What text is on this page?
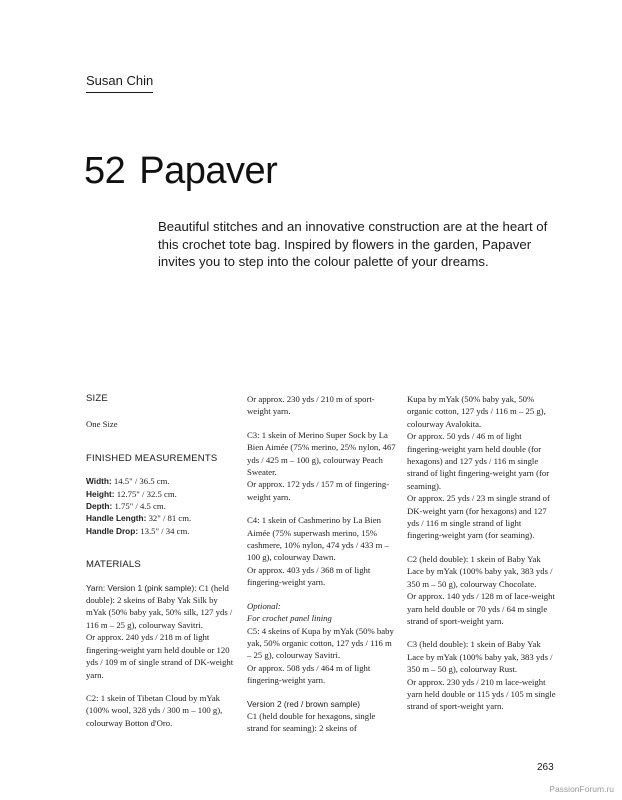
Susan Chin
52 Papaver
Beautiful stitches and an innovative construction are at the heart of this crochet tote bag. Inspired by flowers in the garden, Papaver invites you to step into the colour palette of your dreams.

SIZE

One Size

FINISHED MEASUREMENTS

Width: 14.5" / 36.5 cm.

Height: 12.75" / 32.5 cm.

Depth: 1.75" / 4.5 cm.

Handle Length: 32" / 81 cm.

Handle Drop: 13.5" / 34 cm.

MATERIALS

Yarn: Version 1 (pink sample): C1 (held double): 2 skeins of Baby Yak Silk by mYak (50% baby yak, 50% silk, 127 yds / 116 m – 25 g), colourway Savitri.

Or approx. 240 yds / 218 m of light fingering-weight yarn held double or 120 yds / 109 m of single strand of DK-weight yarn.

C2: 1 skein of Tibetan Cloud by mYak (100% wool, 328 yds / 300 m – 100 g), colourway Botton d'Oro.

Or approx. 230 yds / 210 m of sport-weight yarn.

C3: 1 skein of Merino Super Sock by La Bien Aimée (75% merino, 25% nylon, 467 yds / 425 m – 100 g), colourway Peach Sweater.

Or approx. 172 yds / 157 m of fingering-weight yarn.

C4: 1 skein of Cashmerino by La Bien Aimée (75% superwash merino, 15% cashmere, 10% nylon, 474 yds / 433 m – 100 g), colourway Dawn.

Or approx. 403 yds / 368 m of light fingering-weight yarn.

Optional:

For crochet panel lining

C5: 4 skeins of Kupa by mYak (50% baby yak, 50% organic cotton, 127 yds / 116 m – 25 g), colourway Savitri.

Or approx. 508 yds / 464 m of light fingering-weight yarn.

Version 2 (red / brown sample)

C1 (held double for hexagons, single strand for seaming): 2 skeins of

Kupa by mYak (50% baby yak, 50% organic cotton, 127 yds / 116 m – 25 g), colourway Avalokita.

Or approx. 50 yds / 46 m of light fingering-weight yarn held double (for hexagons) and 127 yds / 116 m single strand of light fingering-weight yarn (for seaming).

Or approx. 25 yds / 23 m single strand of DK-weight yarn (for hexagons) and 127 yds / 116 m single strand of light fingering-weight yarn (for seaming).

C2 (held double): 1 skein of Baby Yak Lace by mYak (100% baby yak, 383 yds / 350 m – 50 g), colourway Chocolate.

Or approx. 140 yds / 128 m of lace-weight yarn held double or 70 yds / 64 m single strand of sport-weight yarn.

C3 (held double): 1 skein of Baby Yak Lace by mYak (100% baby yak, 383 yds / 350 m – 50 g), colourway Rust.

Or approx. 230 yds / 210 m lace-weight yarn held double or 115 yds / 105 m single strand of sport-weight yarn.

263
PassionForum.ru
